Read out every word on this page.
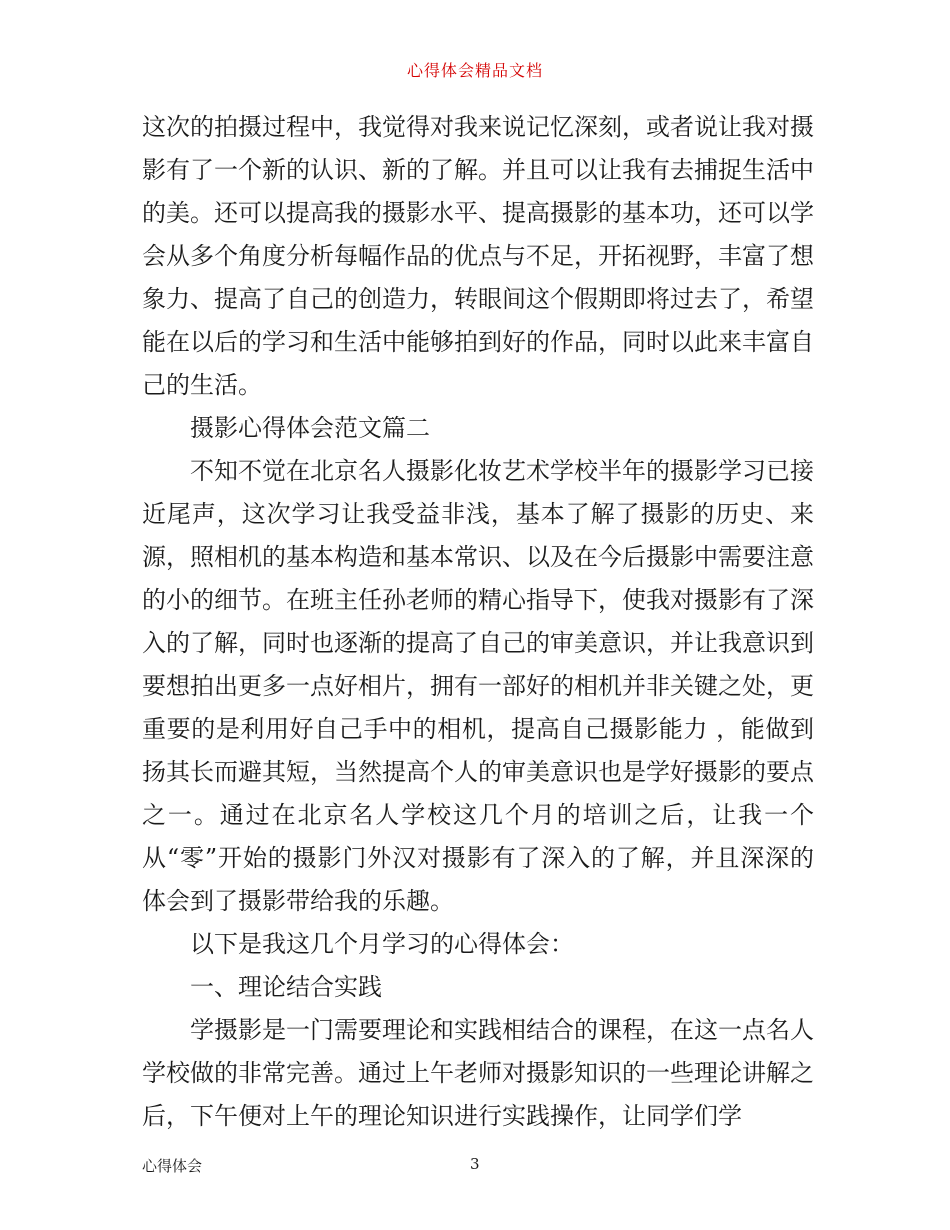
心得体会精品文档

这次的拍摄过程中，我觉得对我来说记忆深刻，或者说让我对摄影有了一个新的认识、新的了解。并且可以让我有去捕捉生活中的美。还可以提高我的摄影水平、提高摄影的基本功，还可以学会从多个角度分析每幅作品的优点与不足，开拓视野，丰富了想象力、提高了自己的创造力，转眼间这个假期即将过去了，希望能在以后的学习和生活中能够拍到好的作品，同时以此来丰富自己的生活。

摄影心得体会范文篇二

不知不觉在北京名人摄影化妆艺术学校半年的摄影学习已接近尾声，这次学习让我受益非浅，基本了解了摄影的历史、来源，照相机的基本构造和基本常识、以及在今后摄影中需要注意的小的细节。在班主任孙老师的精心指导下，使我对摄影有了深入的了解，同时也逐渐的提高了自己的审美意识，并让我意识到要想拍出更多一点好相片，拥有一部好的相机并非关键之处，更重要的是利用好自己手中的相机，提高自己摄影能力 ，能做到扬其长而避其短，当然提高个人的审美意识也是学好摄影的要点之一。通过在北京名人学校这几个月的培训之后，让我一个从“零”开始的摄影门外汉对摄影有了深入的了解，并且深深的体会到了摄影带给我的乐趣。

以下是我这几个月学习的心得体会：

一、理论结合实践

学摄影是一门需要理论和实践相结合的课程，在这一点名人学校做的非常完善。通过上午老师对摄影知识的一些理论讲解之后，下午便对上午的理论知识进行实践操作，让同学们学

心得体会	3
